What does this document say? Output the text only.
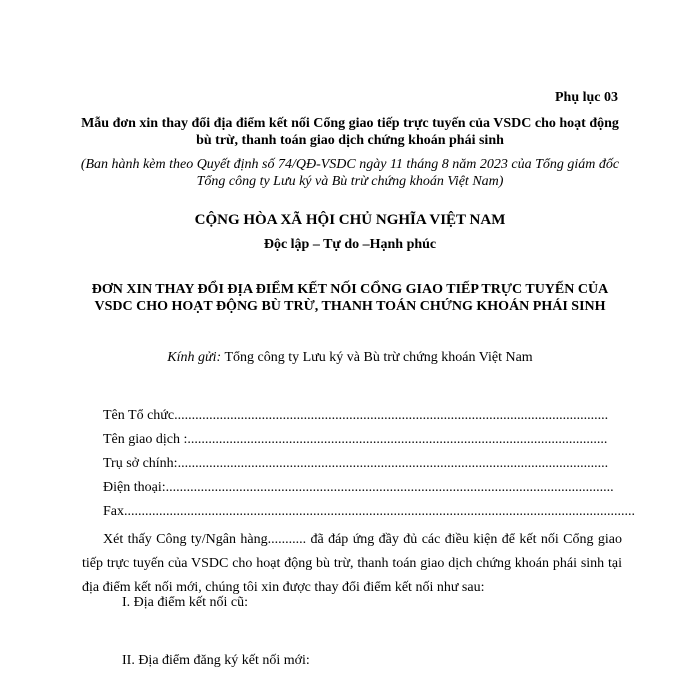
Phụ lục 03
Mẫu đơn xin thay đổi địa điểm kết nối Cổng giao tiếp trực tuyến của VSDC cho hoạt động
bù trừ, thanh toán giao dịch chứng khoán phái sinh
(Ban hành kèm theo Quyết định số 74/QĐ-VSDC ngày 11 tháng 8 năm 2023 của Tổng giám đốc
Tổng công ty Lưu ký và Bù trừ chứng khoán Việt Nam)
CỘNG HÒA XÃ HỘI CHỦ NGHĨA VIỆT NAM
Độc lập – Tự do –Hạnh phúc
ĐƠN XIN THAY ĐỔI ĐỊA ĐIỂM KẾT NỐI CỔNG GIAO TIẾP TRỰC TUYẾN CỦA
VSDC CHO HOẠT ĐỘNG BÙ TRỪ, THANH TOÁN CHỨNG KHOÁN PHÁI SINH
Kính gửi: Tổng công ty Lưu ký và Bù trừ chứng khoán Việt Nam
Tên Tổ chức............................................................................................................................
Tên giao dịch :........................................................................................................................
Trụ sở chính:...........................................................................................................................
Điện thoại:................................................................................................................................
Fax..................................................................................................................................................
Xét thấy Công ty/Ngân hàng........... đã đáp ứng đầy đủ các điều kiện để kết nối Cổng giao tiếp trực tuyến của VSDC cho hoạt động bù trừ, thanh toán giao dịch chứng khoán phái sinh tại địa điểm kết nối mới, chúng tôi xin được thay đổi điểm kết nối như sau:
I. Địa điểm kết nối cũ:
II. Địa điểm đăng ký kết nối mới:
